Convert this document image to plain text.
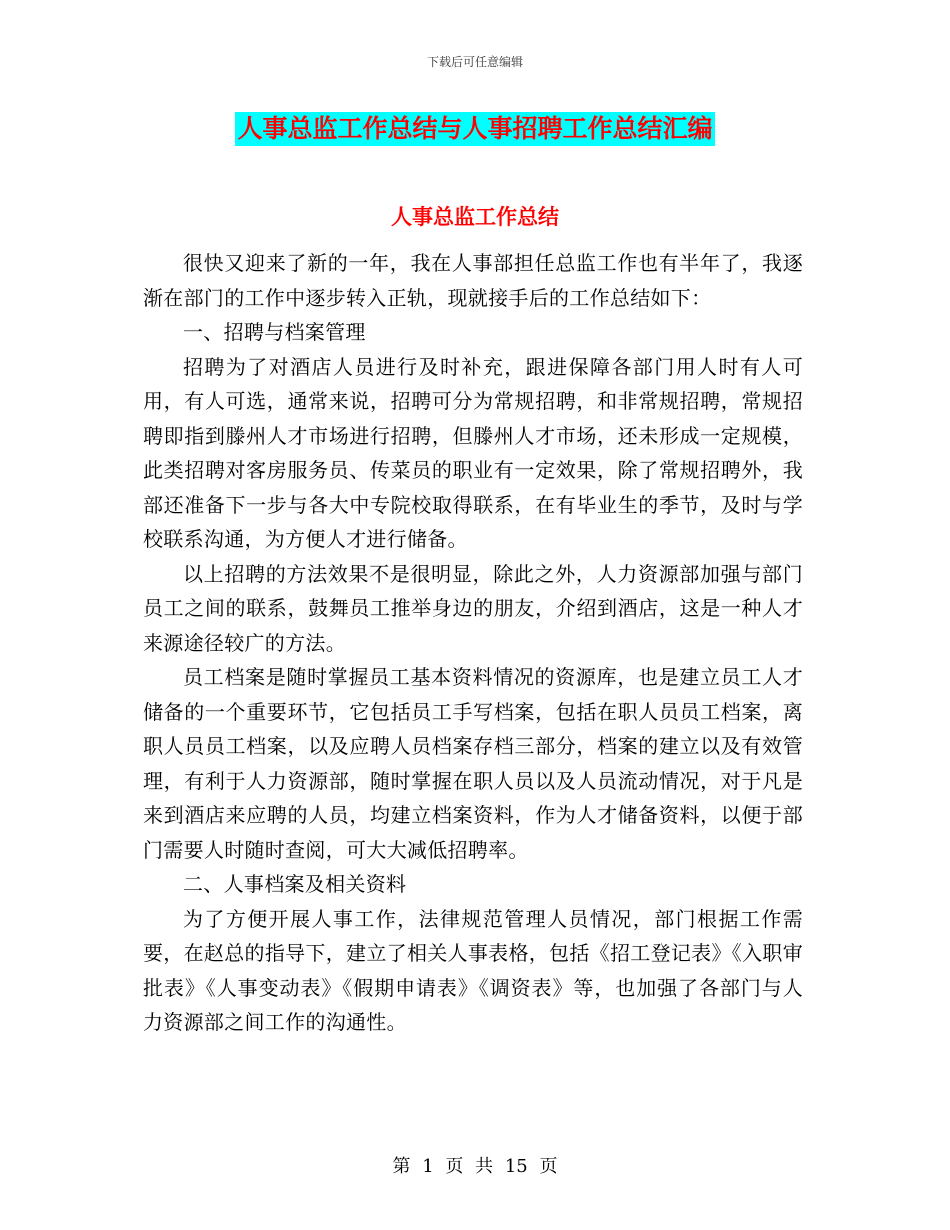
下载后可任意编辑
人事总监工作总结与人事招聘工作总结汇编
人事总监工作总结

很快又迎来了新的一年，我在人事部担任总监工作也有半年了，我逐渐在部门的工作中逐步转入正轨，现就接手后的工作总结如下：

一、招聘与档案管理

招聘为了对酒店人员进行及时补充，跟进保障各部门用人时有人可用，有人可选，通常来说，招聘可分为常规招聘，和非常规招聘，常规招聘即指到滕州人才市场进行招聘，但滕州人才市场，还未形成一定规模，此类招聘对客房服务员、传菜员的职业有一定效果，除了常规招聘外，我部还准备下一步与各大中专院校取得联系，在有毕业生的季节，及时与学校联系沟通，为方便人才进行储备。

以上招聘的方法效果不是很明显，除此之外，人力资源部加强与部门员工之间的联系，鼓舞员工推举身边的朋友，介绍到酒店，这是一种人才来源途径较广的方法。

员工档案是随时掌握员工基本资料情况的资源库，也是建立员工人才储备的一个重要环节，它包括员工手写档案，包括在职人员员工档案，离职人员员工档案，以及应聘人员档案存档三部分，档案的建立以及有效管理，有利于人力资源部，随时掌握在职人员以及人员流动情况，对于凡是来到酒店来应聘的人员，均建立档案资料，作为人才储备资料，以便于部门需要人时随时查阅，可大大减低招聘率。

二、人事档案及相关资料

为了方便开展人事工作，法律规范管理人员情况，部门根据工作需要，在赵总的指导下，建立了相关人事表格，包括《招工登记表》《入职审批表》《人事变动表》《假期申请表》《调资表》等，也加强了各部门与人力资源部之间工作的沟通性。

第 1 页 共 15 页
